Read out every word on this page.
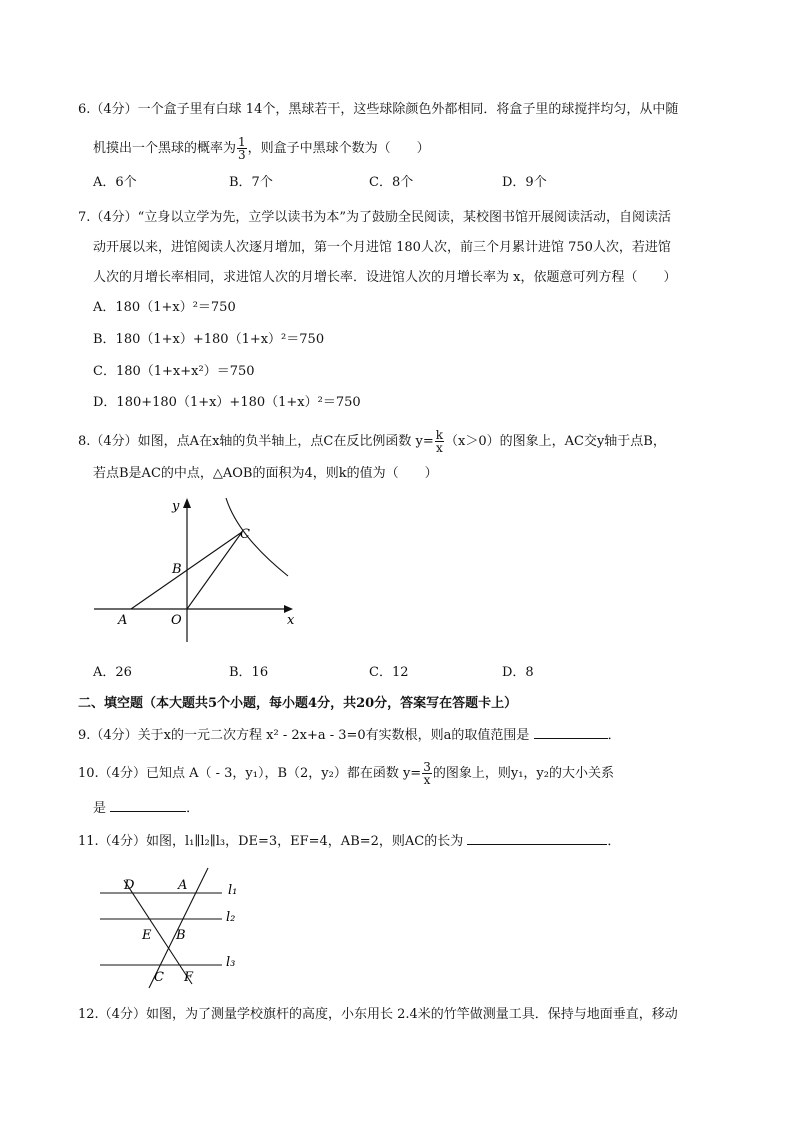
6.（4分）一个盒子里有白球 14个，黑球若干，这些球除颜色外都相同．将盒子里的球搅拌均匀，从中随
机摸出一个黑球的概率为 $\frac{1}{3}$ ，则盒子中黑球个数为（　　）
A．6个	B．7个	C．8个	D．9个
7.（4分）“立身以立学为先，立学以读书为本”为了鼓励全民阅读，某校图书馆开展阅读活动，自阅读活
动开展以来，进馆阅读人次逐月增加，第一个月进馆 180人次，前三个月累计进馆 750人次，若进馆
人次的月增长率相同，求进馆人次的月增长率．设进馆人次的月增长率为 x，依题意可列方程（　　）
A．180（1+x）²＝750
B．180（1+x）+180（1+x）²＝750
C．180（1+x+x²）＝750
D．180+180（1+x）+180（1+x）²＝750
8.（4分）如图，点A在x轴的负半轴上，点C在反比例函数 $y= \frac{k}{x} (x>0)$的图象上，AC交y轴于点B，
若点B是AC的中点，△AOB的面积为4，则k的值为（　　）
y
C
B
A	O	x
A．26	B．16	C．12	D．8
二、填空题（本大题共5个小题，每小题4分，共20分，答案写在答题卡上）
9.（4分）关于x的一元二次方程 x² - 2x+a - 3=0有实数根，则a的取值范围是	．
10.（4分）已知点 A（ - 3，y₁），B（2，y₂）都在函数 $y= \frac{3}{x}$ 的图象上，则y₁，y₂的大小关系
是	．
11.（4分）如图，l₁∥l₂∥l₃，DE=3，EF=4，AB=2，则AC的长为	．
D	A	l₁
l₂
E B
l₃
C F
12.（4分）如图，为了测量学校旗杆的高度，小东用长 2.4米的竹竿做测量工具．保持与地面垂直，移动
